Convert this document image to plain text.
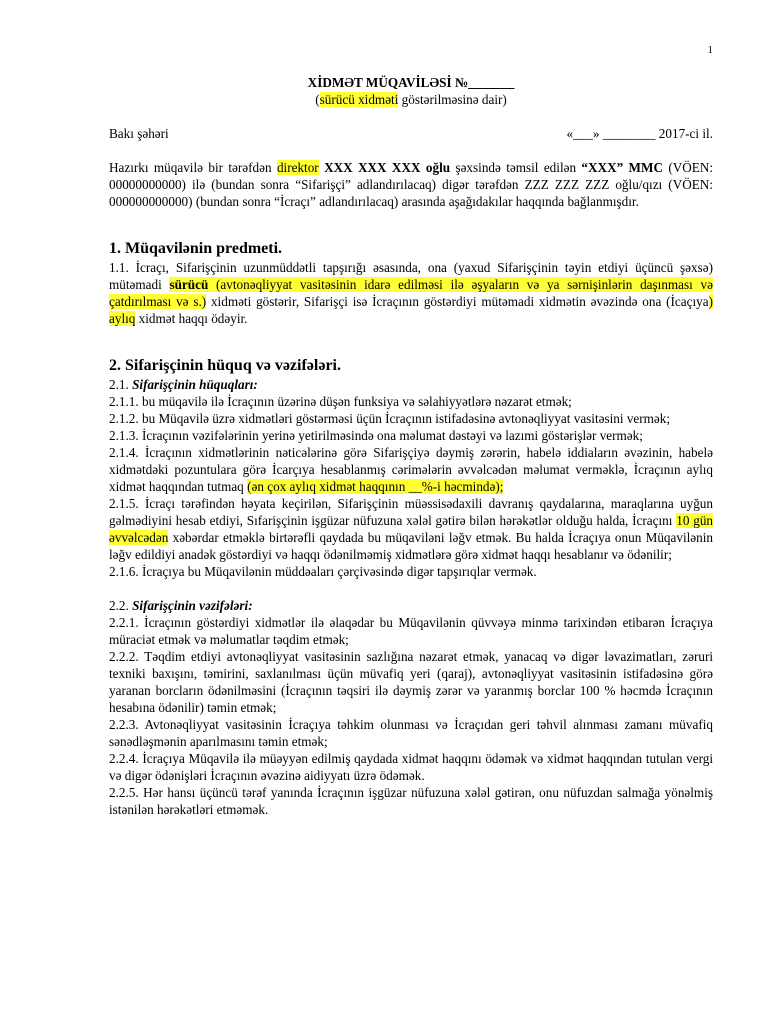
1

XİDMƏT MÜQAVİLƏSİ №_______

(sürücü xidməti göstərilməsinə dair)

Bakı şəhəri	«___» ________ 2017-ci il.

Hazırkı müqavilə bir tərəfdən direktor XXX XXX XXX oğlu şəxsində təmsil edilən “XXX” MMC (VÖEN: 00000000000) ilə (bundan sonra “Sifarişçi” adlandırılacaq) digər tərəfdən ZZZ ZZZ ZZZ oğlu/qızı (VÖEN: 000000000000) (bundan sonra “İcraçı” adlandırılacaq) arasında aşağıdakılar haqqında bağlanmışdır.

1. Müqavilənin predmeti.

1.1. İcraçı, Sifarişçinin uzunmüddətli tapşırığı əsasında, ona (yaxud Sifarişçinin təyin etdiyi üçüncü şəxsə) mütəmadi sürücü (avtonəqliyyat vasitəsinin idarə edilməsi ilə əşyaların və ya sərnişinlərin daşınması və çatdırılması və s.) xidməti göstərir, Sifarişçi isə İcraçının göstərdiyi mütəmadi xidmətin əvəzində ona (İcaçıya) aylıq xidmət haqqı ödəyir.

2. Sifarişçinin hüquq və vəzifələri.

2.1. Sifarişçinin hüquqları:

2.1.1. bu müqavilə ilə İcraçının üzərinə düşən funksiya və səlahiyyətlərə nəzarət etmək;

2.1.2. bu Müqavilə üzrə xidmətləri göstərməsi üçün İcraçının istifadəsinə avtonəqliyyat vasitəsini vermək;

2.1.3. İcraçının vəzifələrinin yerinə yetirilməsində ona məlumat dəstəyi və lazımi göstərişlər vermək;

2.1.4. İcraçının xidmətlərinin nəticələrinə görə Sifarişçiyə dəymiş zərərin, habelə iddiaların əvəzinin, habelə xidmətdəki pozuntulara görə İcarçıya hesablanmış cərimələrin əvvəlcədən məlumat verməklə, İcraçının aylıq xidmət haqqından tutmaq (ən çox aylıq xidmət haqqının __%-i həcmində);

2.1.5. İcraçı tərəfindən həyata keçirilən, Sifarişçinin müəssisədaxili davranış qaydalarına, maraqlarına uyğun gəlmədiyini hesab etdiyi, Sıfarişçinin işgüzar nüfuzuna xələl gətirə bilən hərəkətlər olduğu halda, İcraçını 10 gün əvvəlcədən xəbərdar etməklə birtərəfli qaydada bu müqaviləni ləğv etmək. Bu halda İcraçıya onun Müqavilənin ləğv edildiyi anadək göstərdiyi və haqqı ödənilməmiş xidmətlərə görə xidmət haqqı hesablanır və ödənilir;

2.1.6. İcraçıya bu Müqavilənin müddəaları çərçivəsində digər tapşırıqlar vermək.

2.2. Sifarişçinin vəzifələri:

2.2.1. İcraçının göstərdiyi xidmətlər ilə əlaqədar bu Müqavilənin qüvvəyə minmə tarixindən etibarən İcraçıya müraciət etmək və məlumatlar təqdim etmək;

2.2.2. Təqdim etdiyi avtonəqliyyat vasitəsinin sazlığına nəzarət etmək, yanacaq və digər ləvazimatları, zəruri texniki baxışını, təmirini, saxlanılması üçün müvafiq yeri (qaraj), avtonəqliyyat vasitəsinin istifadəsinə görə yaranan borcların ödənilməsini (İcraçının təqsiri ilə dəymiş zərər və yaranmış borclar 100 % həcmdə İcraçının hesabına ödənilir) təmin etmək;

2.2.3. Avtonəqliyyat vasitəsinin İcraçıya təhkim olunması və İcraçıdan geri təhvil alınması zamanı müvafiq sənədləşmənin aparılmasını təmin etmək;

2.2.4. İcraçıya Müqavilə ilə müəyyən edilmiş qaydada xidmət haqqını ödəmək və xidmət haqqından tutulan vergi və digər ödənişləri İcraçının əvəzinə aidiyyatı üzrə ödəmək.

2.2.5. Hər hansı üçüncü tərəf yanında İcraçının işgüzar nüfuzuna xələl gətirən, onu nüfuzdan salmağa yönəlmiş istənilən hərəkətləri etməmək.
